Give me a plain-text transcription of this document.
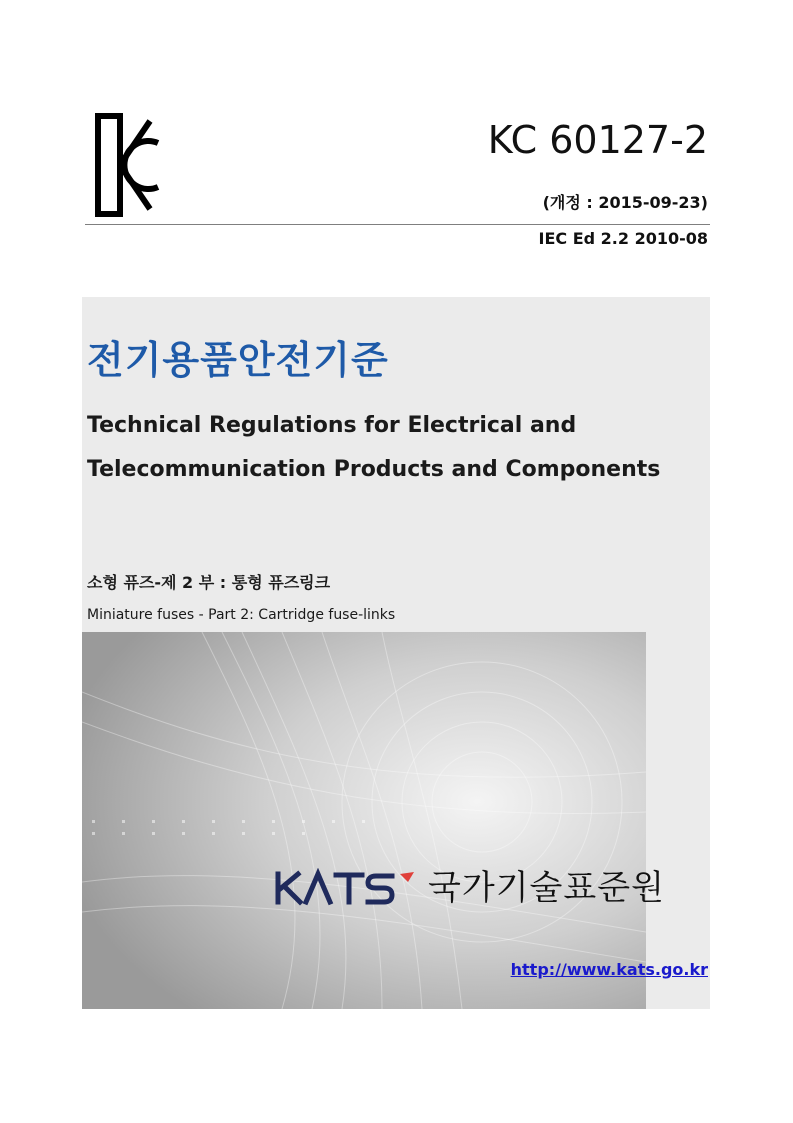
KC 60127-2
(개정 : 2015-09-23)
IEC Ed 2.2 2010-08
전기용품안전기준
Technical Regulations for Electrical and
Telecommunication Products and Components
소형 퓨즈-제 2 부 : 통형 퓨즈링크
Miniature fuses - Part 2: Cartridge fuse-links
국가기술표준원
http://www.kats.go.kr
